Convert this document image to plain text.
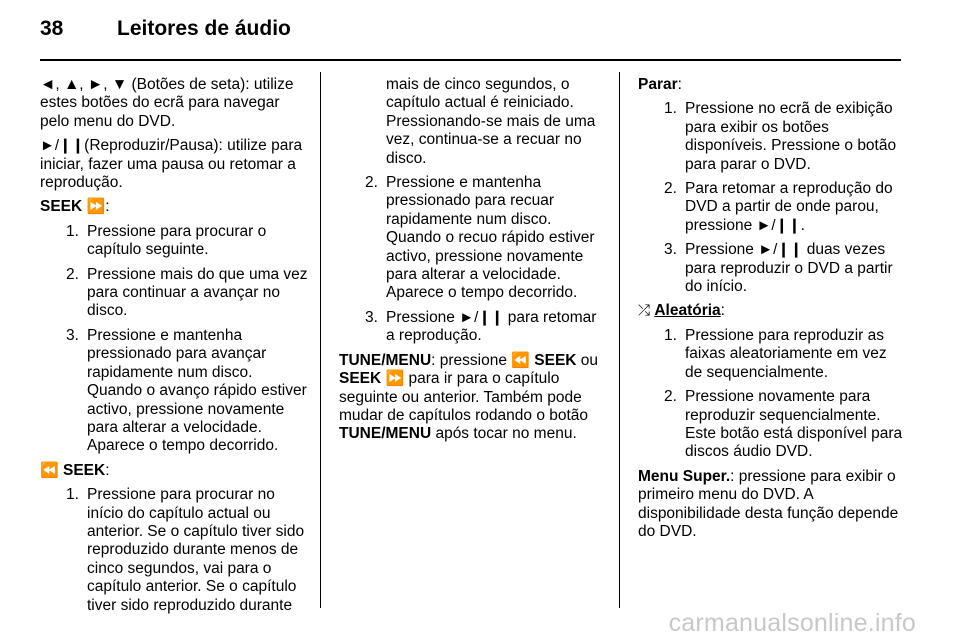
38	Leitores de áudio

◄, ▲, ►, ▼ (Botões de seta): utilize estes botões do ecrã para navegar pelo menu do DVD.

►/❙❙(Reproduzir/Pausa): utilize para iniciar, fazer uma pausa ou retomar a reprodução.

SEEK ⏩:

1. Pressione para procurar o capítulo seguinte.
2. Pressione mais do que uma vez para continuar a avançar no disco.
3. Pressione e mantenha pressionado para avançar rapidamente num disco. Quando o avanço rápido estiver activo, pressione novamente para alterar a velocidade. Aparece o tempo decorrido.

⏪ SEEK:

1. Pressione para procurar no início do capítulo actual ou anterior. Se o capítulo tiver sido reproduzido durante menos de cinco segundos, vai para o capítulo anterior. Se o capítulo tiver sido reproduzido durante
mais de cinco segundos, o capítulo actual é reiniciado. Pressionando-se mais de uma vez, continua-se a recuar no disco.
2. Pressione e mantenha pressionado para recuar rapidamente num disco. Quando o recuo rápido estiver activo, pressione novamente para alterar a velocidade. Aparece o tempo decorrido.
3. Pressione ►/❙❙ para retomar a reprodução.

TUNE/MENU: pressione ⏪ SEEK ou SEEK ⏩ para ir para o capítulo seguinte ou anterior. Também pode mudar de capítulos rodando o botão TUNE/MENU após tocar no menu.

Parar:

1. Pressione no ecrã de exibição para exibir os botões disponíveis. Pressione o botão para parar o DVD.
2. Para retomar a reprodução do DVD a partir de onde parou, pressione ►/❙❙.
3. Pressione ►/❙❙ duas vezes para reproduzir o DVD a partir do início.

⤮ Aleatória:

1. Pressione para reproduzir as faixas aleatoriamente em vez de sequencialmente.
2. Pressione novamente para reproduzir sequencialmente. Este botão está disponível para discos áudio DVD.

Menu Super.: pressione para exibir o primeiro menu do DVD. A disponibilidade desta função depende do DVD.

carmanualsonline.info
